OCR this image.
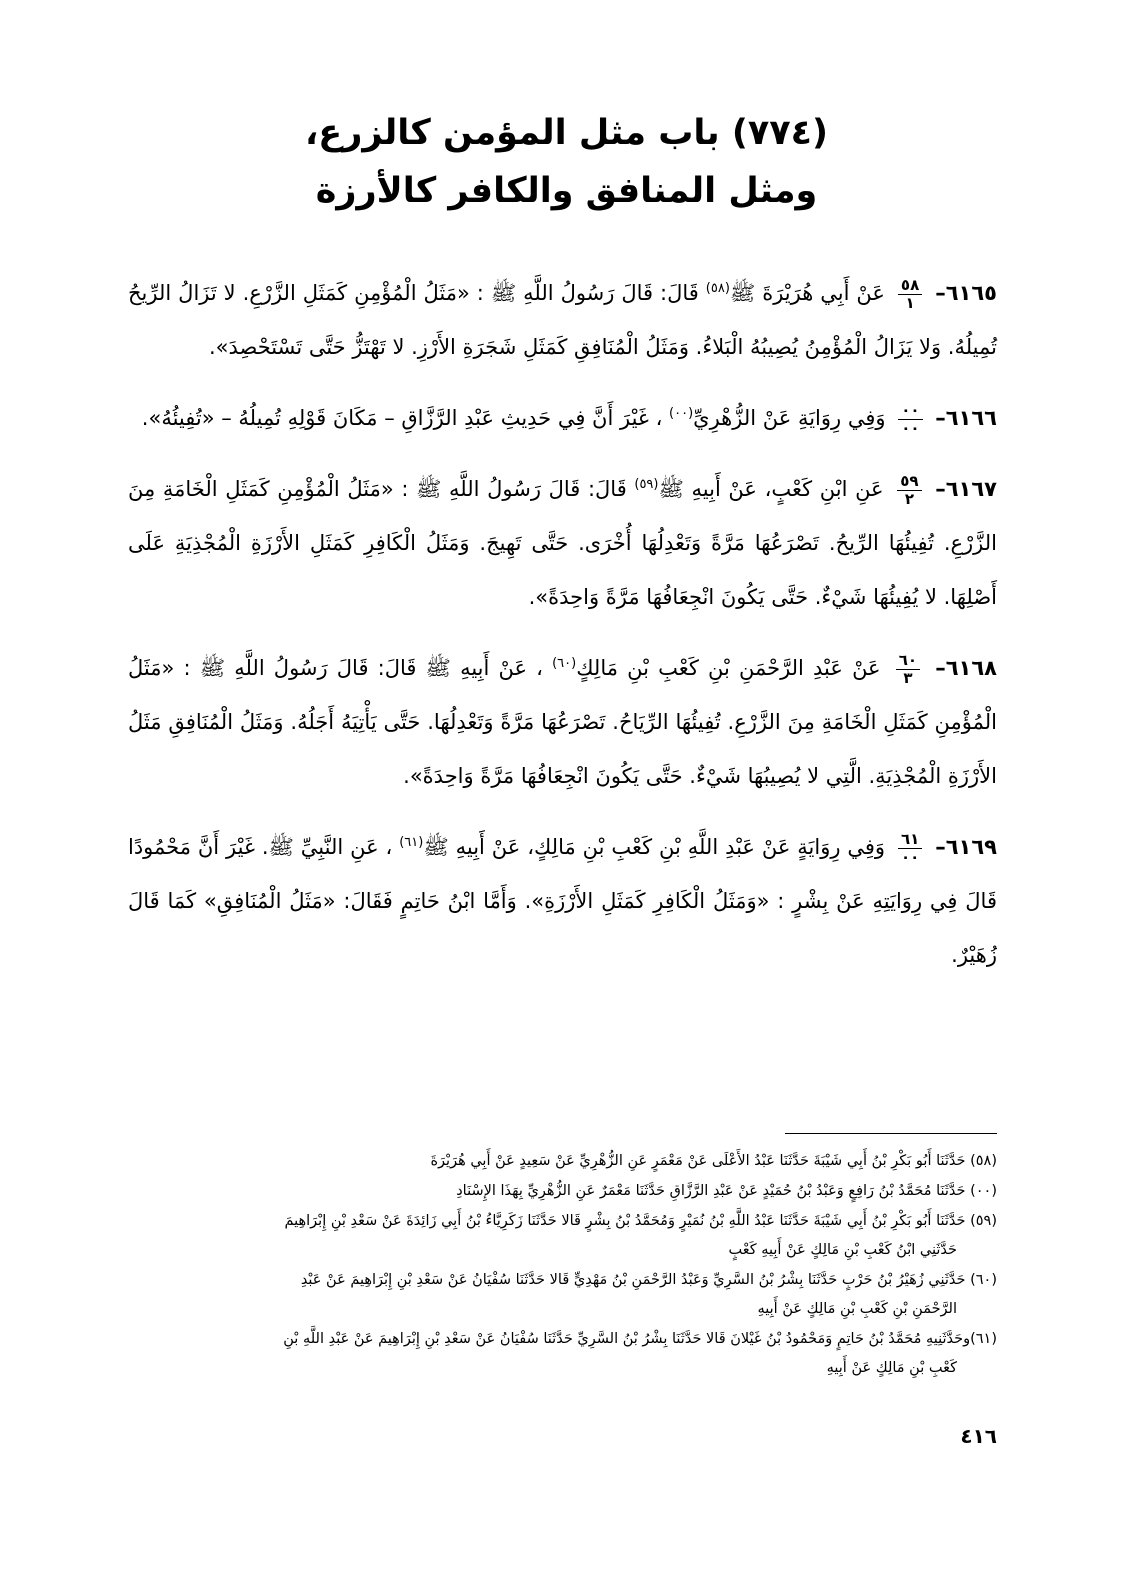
(٧٧٤) باب مثل المؤمن كالزرع،
ومثل المنافق والكافر كالأرزة

٦١٦٥–
$\frac{٥٨}{١}$
عَنْ أَبِي هُرَيْرَةَ ﷺ$^{(٥٨)}$ قَالَ: قَالَ رَسُولُ اللَّهِ ﷺ : «مَثَلُ الْمُؤْمِنِ كَمَثَلِ الزَّرْعِ. لا تَزَالُ الرِّيحُ تُمِيلُهُ. وَلا يَزَالُ الْمُؤْمِنُ يُصِيبُهُ الْبَلاءُ. وَمَثَلُ الْمُنَافِقِ كَمَثَلِ شَجَرَةِ الأَرْزِ. لا تَهْتَزُّ حَتَّى تَسْتَحْصِدَ».

٦١٦٦–
$\frac{٠٠}{٠٠}$
وَفِي رِوَايَةِ عَنْ الزُّهْرِيِّ$^{(٠٠)}$ ، غَيْرَ أَنَّ فِي حَدِيثِ عَبْدِ الرَّزَّاقِ – مَكَانَ قَوْلِهِ تُمِيلُهُ – «تُفِيئُهُ».

٦١٦٧–
$\frac{٥٩}{٢}$
عَنِ ابْنِ كَعْبٍ، عَنْ أَبِيهِ ﷺ$^{(٥٩)}$ قَالَ: قَالَ رَسُولُ اللَّهِ ﷺ : «مَثَلُ الْمُؤْمِنِ كَمَثَلِ الْخَامَةِ مِنَ الزَّرْعِ. تُفِيئُهَا الرِّيحُ. تَصْرَعُهَا مَرَّةً وَتَعْدِلُهَا أُخْرَى. حَتَّى تَهِيجَ. وَمَثَلُ الْكَافِرِ كَمَثَلِ الأَرْزَةِ الْمُجْذِيَةِ عَلَى أَصْلِهَا. لا يُفِيئُهَا شَيْءٌ. حَتَّى يَكُونَ انْجِعَافُهَا مَرَّةً وَاحِدَةً».

٦١٦٨–
$\frac{٦٠}{٣}$
عَنْ عَبْدِ الرَّحْمَنِ بْنِ كَعْبِ بْنِ مَالِكٍ$^{(٦٠)}$ ، عَنْ أَبِيهِ ﷺ قَالَ: قَالَ رَسُولُ اللَّهِ ﷺ : «مَثَلُ الْمُؤْمِنِ كَمَثَلِ الْخَامَةِ مِنَ الزَّرْعِ. تُفِيئُهَا الرِّيَاحُ. تَصْرَعُهَا مَرَّةً وَتَعْدِلُهَا. حَتَّى يَأْتِيَهُ أَجَلُهُ. وَمَثَلُ الْمُنَافِقِ مَثَلُ الأَرْزَةِ الْمُجْذِيَةِ. الَّتِي لا يُصِيبُهَا شَيْءٌ. حَتَّى يَكُونَ انْجِعَافُهَا مَرَّةً وَاحِدَةً».

٦١٦٩–
$\frac{٦١}{٠٠}$
وَفِي رِوَايَةٍ عَنْ عَبْدِ اللَّهِ بْنِ كَعْبِ بْنِ مَالِكٍ، عَنْ أَبِيهِ ﷺ$^{(٦١)}$ ، عَنِ النَّبِيِّ ﷺ. غَيْرَ أَنَّ مَحْمُودًا قَالَ فِي رِوَايَتِهِ عَنْ بِشْرٍ : «وَمَثَلُ الْكَافِرِ كَمَثَلِ الأَرْزَةِ». وَأَمَّا ابْنُ حَاتِمٍ فَقَالَ: «مَثَلُ الْمُنَافِقِ» كَمَا قَالَ زُهَيْرٌ.

(٥٨) حَدَّثَنَا أَبُو بَكْرِ بْنُ أَبِي شَيْبَةَ حَدَّثَنَا عَبْدُ الأَعْلَى عَنْ مَعْمَرٍ عَنِ الزُّهْرِيِّ عَنْ سَعِيدٍ عَنْ أَبِي هُرَيْرَةَ

(٠٠) حَدَّثَنَا مُحَمَّدُ بْنُ رَافِعٍ وَعَبْدُ بْنُ حُمَيْدٍ عَنْ عَبْدِ الرَّزَّاقِ حَدَّثَنَا مَعْمَرٌ عَنِ الزُّهْرِيِّ بِهَذَا الإِسْنَادِ

(٥٩) حَدَّثَنَا أَبُو بَكْرِ بْنُ أَبِي شَيْبَةَ حَدَّثَنَا عَبْدُ اللَّهِ بْنُ نُمَيْرٍ وَمُحَمَّدُ بْنُ بِشْرٍ قَالا حَدَّثَنَا زَكَرِيَّاءُ بْنُ أَبِي زَائِدَةَ عَنْ سَعْدِ بْنِ إِبْرَاهِيمَ
حَدَّثَنِي ابْنُ كَعْبِ بْنِ مَالِكٍ عَنْ أَبِيهِ كَعْبٍ

(٦٠) حَدَّثَنِي زُهَيْرُ بْنُ حَرْبٍ حَدَّثَنَا بِشْرُ بْنُ السَّرِيِّ وَعَبْدُ الرَّحْمَنِ بْنُ مَهْدِيٍّ قَالا حَدَّثَنَا سُفْيَانُ عَنْ سَعْدِ بْنِ إِبْرَاهِيمَ عَنْ عَبْدِ
الرَّحْمَنِ بْنِ كَعْبِ بْنِ مَالِكٍ عَنْ أَبِيهِ

(٦١)وحَدَّثَنِيهِ مُحَمَّدُ بْنُ حَاتِمٍ وَمَحْمُودُ بْنُ غَيْلانَ قَالا حَدَّثَنَا بِشْرُ بْنُ السَّرِيِّ حَدَّثَنَا سُفْيَانُ عَنْ سَعْدِ بْنِ إِبْرَاهِيمَ عَنْ عَبْدِ اللَّهِ بْنِ
كَعْبِ بْنِ مَالِكٍ عَنْ أَبِيهِ

٤١٦
